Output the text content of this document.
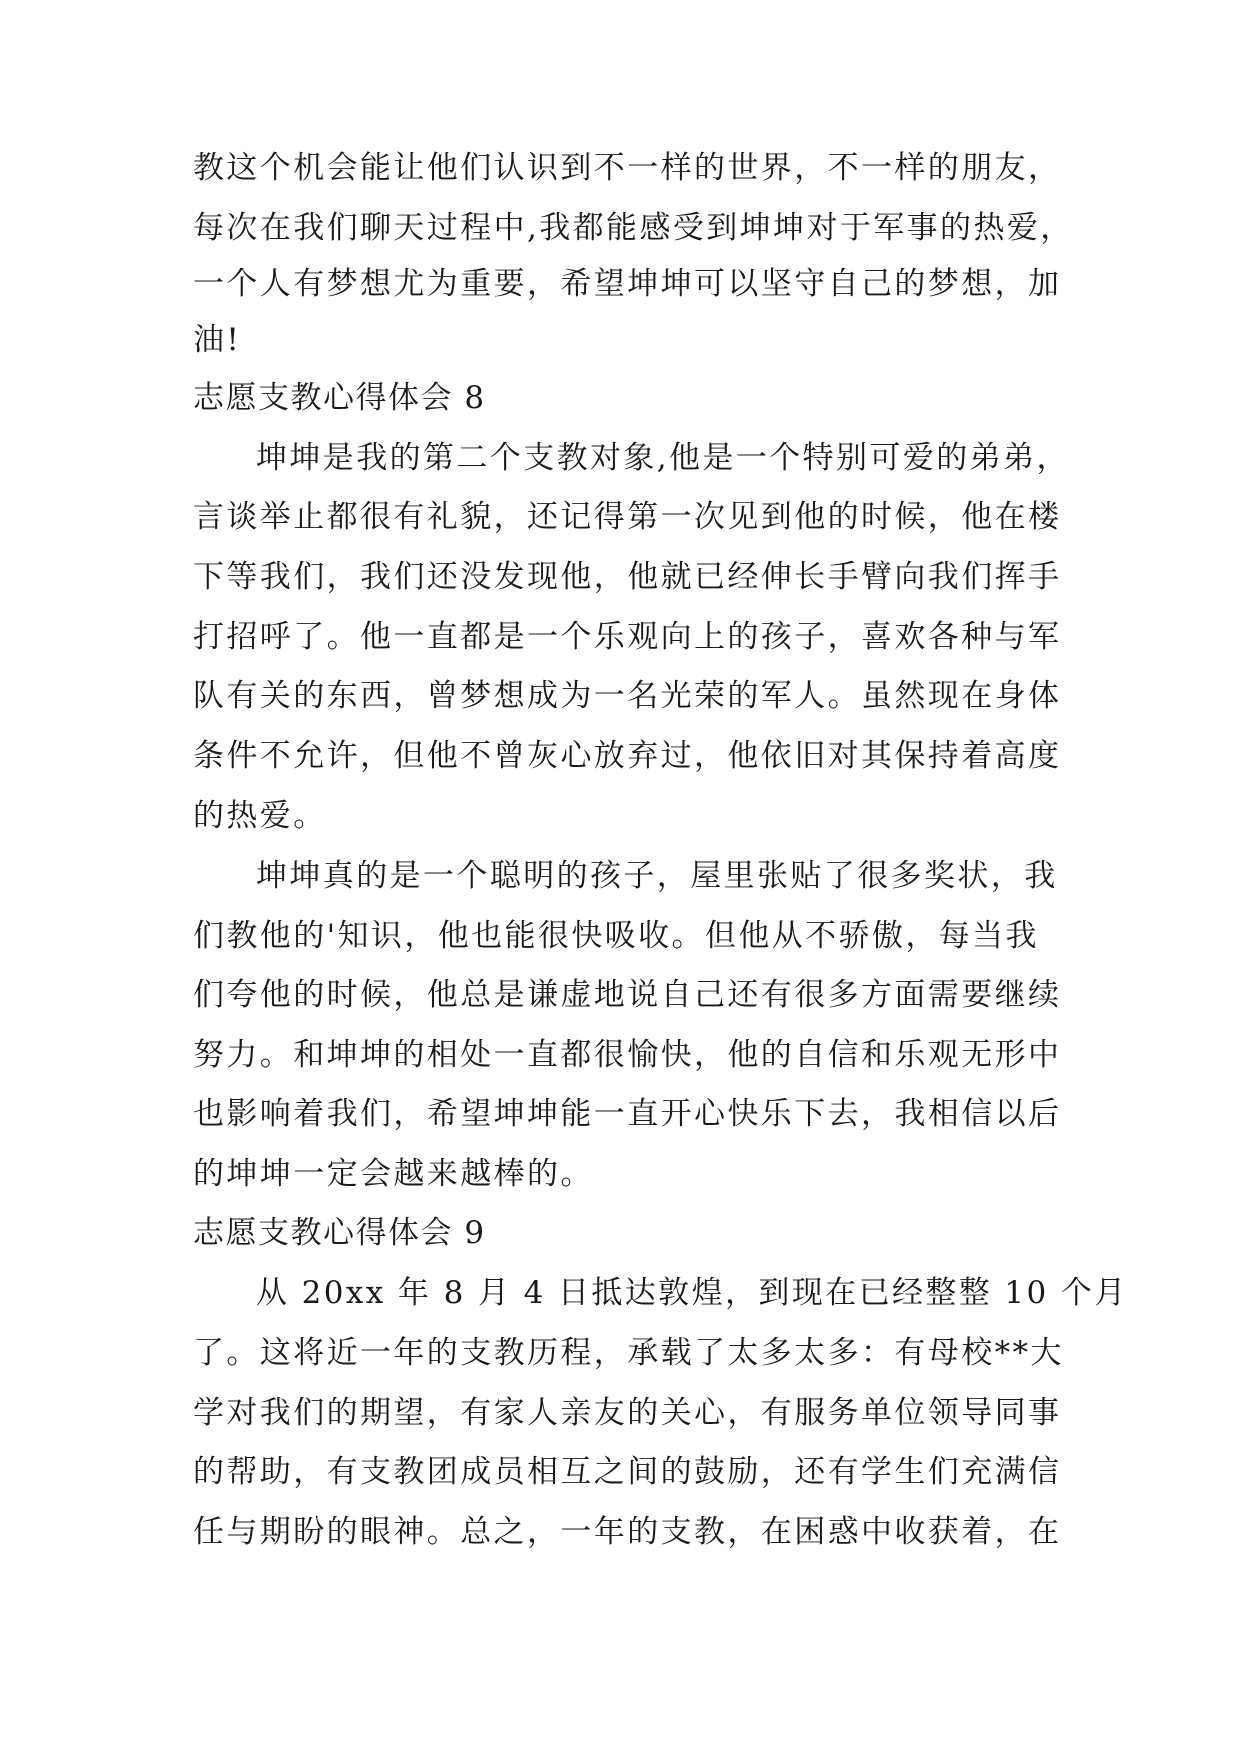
教这个机会能让他们认识到不一样的世界，不一样的朋友，
每次在我们聊天过程中,我都能感受到坤坤对于军事的热爱，
一个人有梦想尤为重要，希望坤坤可以坚守自己的梦想，加
油!
志愿支教心得体会 8
坤坤是我的第二个支教对象,他是一个特别可爱的弟弟，
言谈举止都很有礼貌，还记得第一次见到他的时候，他在楼
下等我们，我们还没发现他，他就已经伸长手臂向我们挥手
打招呼了。他一直都是一个乐观向上的孩子，喜欢各种与军
队有关的东西，曾梦想成为一名光荣的军人。虽然现在身体
条件不允许，但他不曾灰心放弃过，他依旧对其保持着高度
的热爱。
坤坤真的是一个聪明的孩子，屋里张贴了很多奖状，我
们教他的'知识，他也能很快吸收。但他从不骄傲，每当我
们夸他的时候，他总是谦虚地说自己还有很多方面需要继续
努力。和坤坤的相处一直都很愉快，他的自信和乐观无形中
也影响着我们，希望坤坤能一直开心快乐下去，我相信以后
的坤坤一定会越来越棒的。
志愿支教心得体会 9
从 20xx 年 8 月 4 日抵达敦煌，到现在已经整整 10 个月
了。这将近一年的支教历程，承载了太多太多：有母校**大
学对我们的期望，有家人亲友的关心，有服务单位领导同事
的帮助，有支教团成员相互之间的鼓励，还有学生们充满信
任与期盼的眼神。总之，一年的支教，在困惑中收获着，在
